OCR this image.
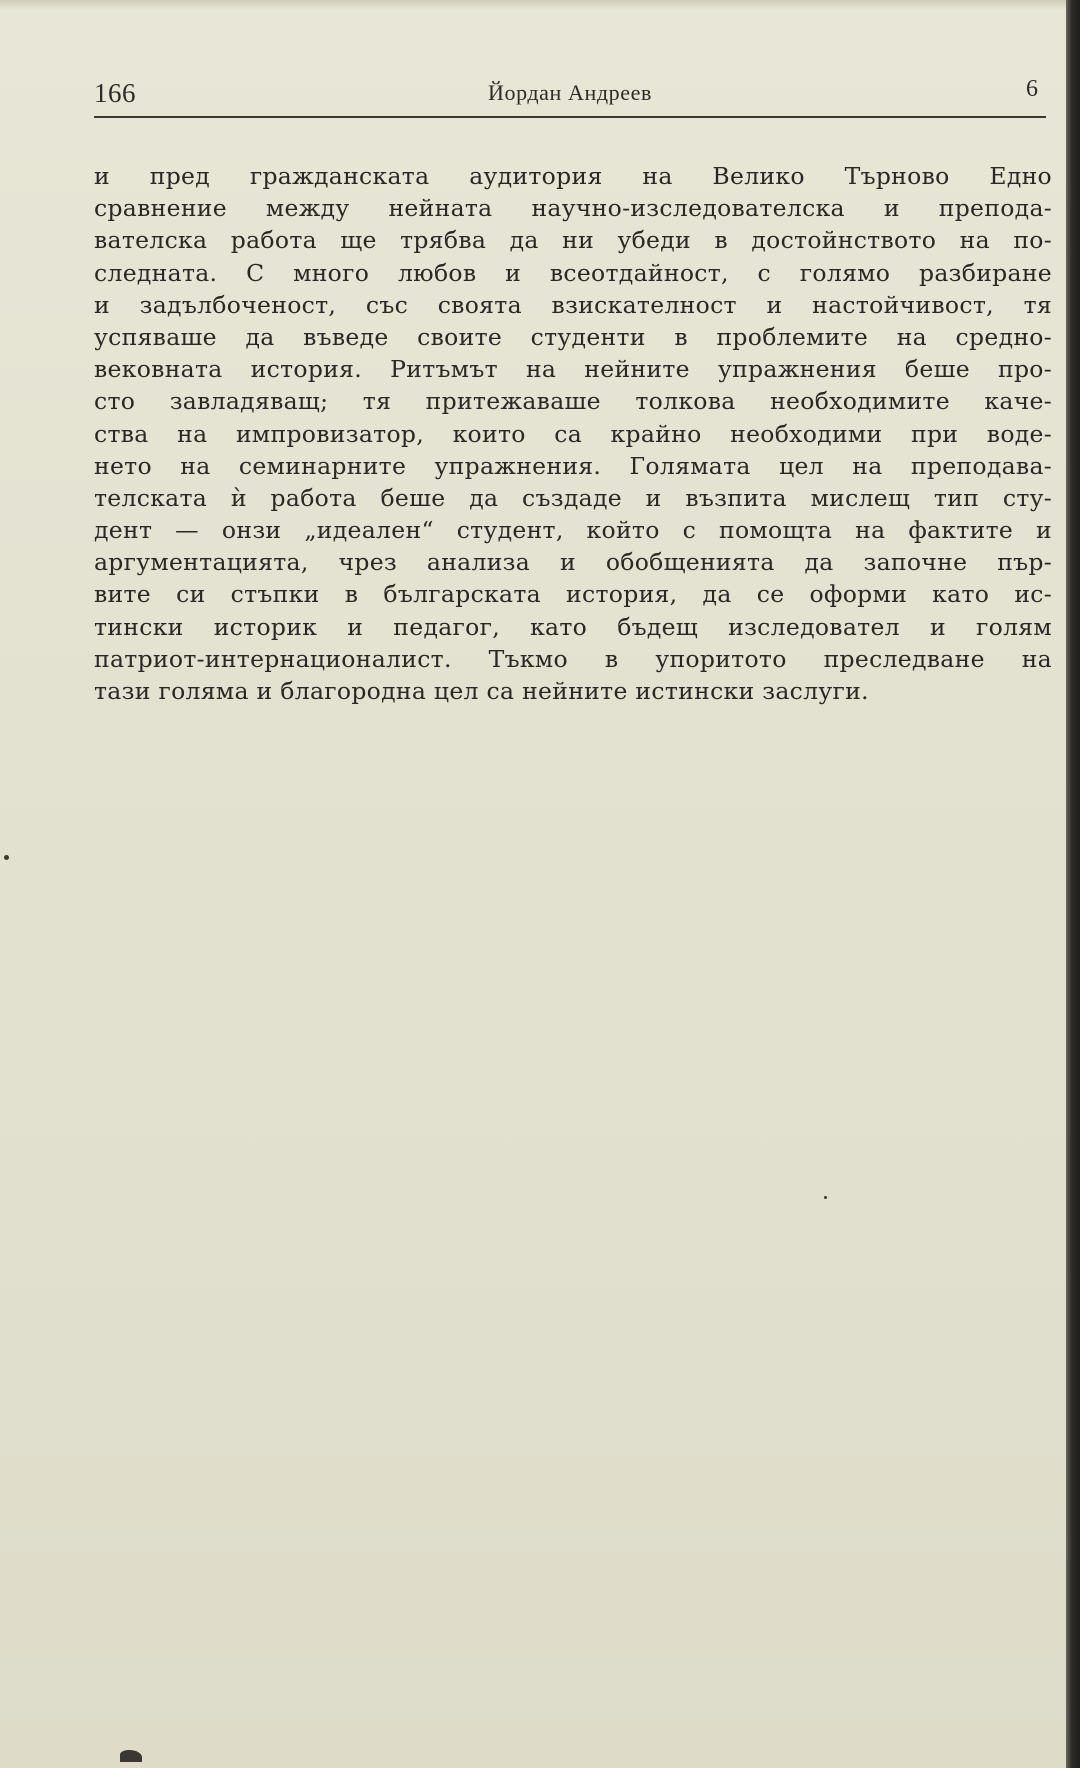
166	Йордан Андреев	6
и пред гражданската аудитория на Велико Търново Едно
сравнение между нейната научно-изследователска и препода-
вателска работа ще трябва да ни убеди в достойнството на по-
следната. С много любов и всеотдайност, с голямо разбиране
и задълбоченост, със своята взискателност и настойчивост, тя
успяваше да въведе своите студенти в проблемите на средно-
вековната история. Ритъмът на нейните упражнения беше про-
сто завладяващ; тя притежаваше толкова необходимите каче-
ства на импровизатор, които са крайно необходими при воде-
нето на семинарните упражнения. Голямата цел на преподава-
телската ѝ работа беше да създаде и възпита мислещ тип сту-
дент — онзи „идеален“ студент, който с помощта на фактите и
аргументацията, чрез анализа и обобщенията да започне пър-
вите си стъпки в българската история, да се оформи като ис-
тински историк и педагог, като бъдещ изследовател и голям
патриот-интернационалист. Тъкмо в упоритото преследване на
тази голяма и благородна цел са нейните истински заслуги.
